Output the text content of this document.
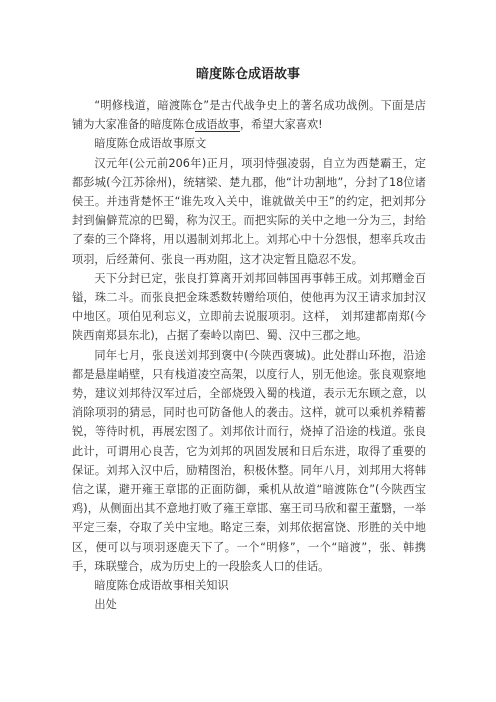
暗度陈仓成语故事

“明修栈道，暗渡陈仓”是古代战争史上的著名成功战例。下面是店铺为大家准备的暗度陈仓成语故事，希望大家喜欢!

暗度陈仓成语故事原文

汉元年(公元前206年)正月，项羽恃强凌弱，自立为西楚霸王，定都彭城(今江苏徐州)，统辖梁、楚九郡，他“计功割地”，分封了18位诸侯王。并违背楚怀王“谁先攻入关中，谁就做关中王”的约定，把刘邦分封到偏僻荒凉的巴蜀，称为汉王。而把实际的关中之地一分为三，封给了秦的三个降将，用以遏制刘邦北上。刘邦心中十分怨恨，想率兵攻击项羽，后经萧何、张良一再劝阻，这才决定暂且隐忍不发。

天下分封已定，张良打算离开刘邦回韩国再事韩王成。刘邦赠金百镒，珠二斗。而张良把金珠悉数转赠给项伯，使他再为汉王请求加封汉中地区。项伯见利忘义，立即前去说服项羽。这样， 刘邦建都南郑(今陕西南郑县东北)，占据了秦岭以南巴、蜀、汉中三郡之地。

同年七月，张良送刘邦到褒中(今陕西褒城)。此处群山环抱，沿途都是悬崖峭壁，只有栈道凌空高架，以度行人，别无他途。张良观察地势，建议刘邦待汉军过后，全部烧毁入蜀的栈道，表示无东顾之意，以消除项羽的猜忌，同时也可防备他人的袭击。这样，就可以乘机养精蓄锐，等待时机，再展宏图了。刘邦依计而行，烧掉了沿途的栈道。张良此计，可谓用心良苦，它为刘邦的巩固发展和日后东进，取得了重要的保证。刘邦入汉中后，励精图治，积极休整。同年八月，刘邦用大将韩信之谋，避开雍王章邯的正面防御，乘机从故道“暗渡陈仓”(今陕西宝鸡)，从侧面出其不意地打败了雍王章邯、塞王司马欣和翟王董翳，一举平定三秦，夺取了关中宝地。略定三秦，刘邦依据富饶、形胜的关中地区，便可以与项羽逐鹿天下了。一个“明修”，一个“暗渡”，张、韩携手，珠联璧合，成为历史上的一段脍炙人口的佳话。

暗度陈仓成语故事相关知识

出处
